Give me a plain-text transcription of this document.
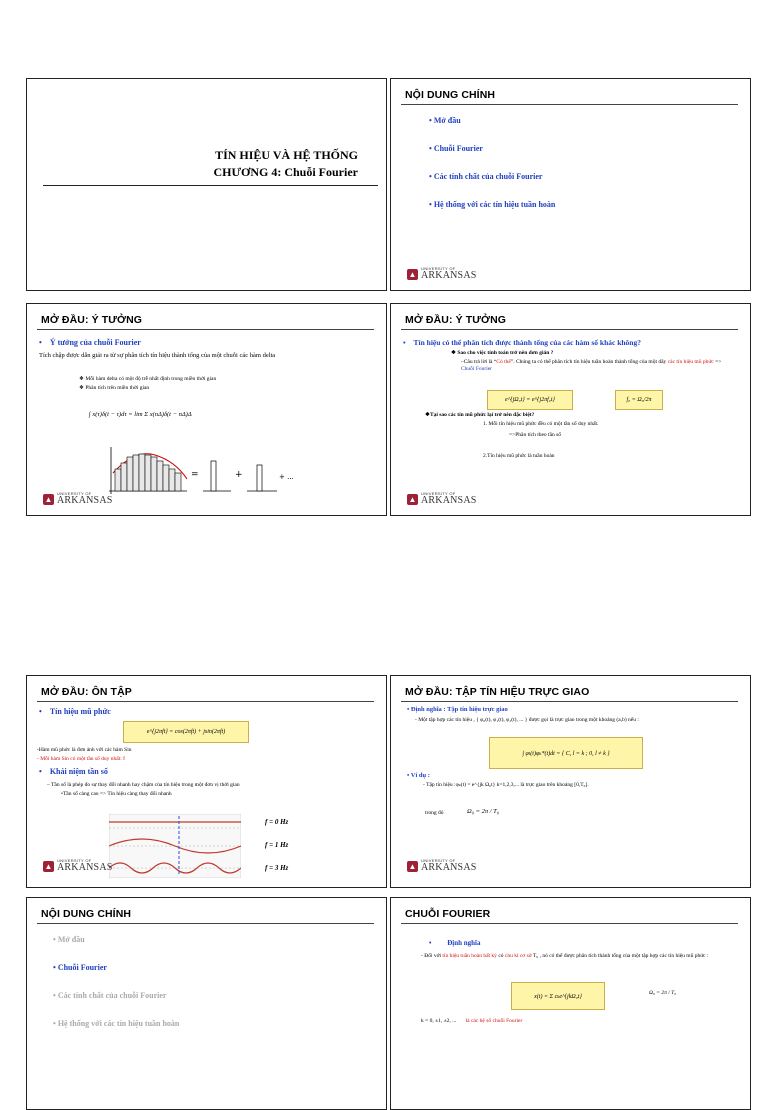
TÍN HIỆU VÀ HỆ THỐNG
CHƯƠNG 4: Chuỗi Fourier
NỘI DUNG CHÍNH
• Mở đầu
• Chuỗi Fourier
• Các tính chất của chuỗi Fourier
• Hệ thống với các tín hiệu tuần hoàn
▲
UNIVERSITY OF
ARKANSAS
MỞ ĐẦU: Ý TƯỞNG
• Ý tưởng của chuỗi Fourier
Tích chập được dẫn giải ra từ sự phân tích tín hiệu thành tổng của một chuỗi các hàm delta
❖ Mỗi hàm delta có một độ trễ nhất định trong miền thời gian
❖ Phân tích trên miền thời gian
∫ x(τ)δ(t − τ)dτ = lim Σ x(nΔ)δ(t − nΔ)Δ
=	+	+ ...
▲
UNIVERSITY OF
ARKANSAS
MỞ ĐẦU: Ý TƯỞNG
• Tín hiệu có thể phân tích được thành tổng của các hàm số khác không?
❖ Sao cho việc tính toán trở nên đơn giản ?
–Câu trả lời là “Có thể”. Chúng ta có thể phân tích tín hiệu tuần hoàn thành tổng của một dãy các tín hiệu mũ phức => Chuỗi Fourier
e^{jΩ₀t} = e^{j2πf₀t}	f₀ = Ω₀/2π
❖Tại sao các tín mũ phức lại trở nên đặc biệt?
1. Mỗi tín hiệu mũ phức đều có một tần số duy nhất.
=>Phân tích theo tần số
2.Tín hiệu mũ phức là tuần hoàn
▲
UNIVERSITY OF
ARKANSAS
MỞ ĐẦU: ÔN TẬP
• Tín hiệu mũ phức
e^{j2πft} = cos(2πft) + jsin(2πft)
-Hàm mũ phức là đơn ảnh với các hàm Sin
- Mỗi hàm Sin có một tần số duy nhất: f
• Khái niệm tần số
– Tần số là phép đo sự thay đổi nhanh hay chậm của tín hiệu trong một đơn vị thời gian
•Tần số càng cao => Tín hiệu càng thay đổi nhanh
f = 0 Hz
f = 1 Hz
f = 3 Hz
▲
UNIVERSITY OF
ARKANSAS
MỞ ĐẦU: TẬP TÍN HIỆU TRỰC GIAO
• Định nghĩa : Tập tín hiệu trực giao
- Một tập hợp các tín hiệu , { φ₀(t), φ₁(t), φ₂(t), ... } được gọi là trực giao trong một khoảng (a,b) nếu :
∫ φₗ(t)φₖ*(t)dt = { C, l = k ; 0, l ≠ k }
• Ví dụ :
- Tập tín hiệu :φₖ(t) = e^{jk Ω₀t} k=1,2,3,... là trực giao trên khoảng [0,T₀].
trong đó	Ω₀ = 2π / T₀
▲
UNIVERSITY OF
ARKANSAS
NỘI DUNG CHÍNH
• Mở đầu
• Chuỗi Fourier
• Các tính chất của chuỗi Fourier
• Hệ thống với các tín hiệu tuần hoàn
CHUỖI FOURIER
• Định nghĩa
- Đối với tín hiệu tuần hoàn bất kỳ có chu kì cơ sở T₀ , nó có thể được phân tích thành tổng của một tập hợp các tín hiệu mũ phức :
x(t) = Σ cₖe^{jkΩ₀t}
Ω₀ = 2π / T₀
k = 0, ±1, ±2, ... là các hệ số chuỗi Fourier
